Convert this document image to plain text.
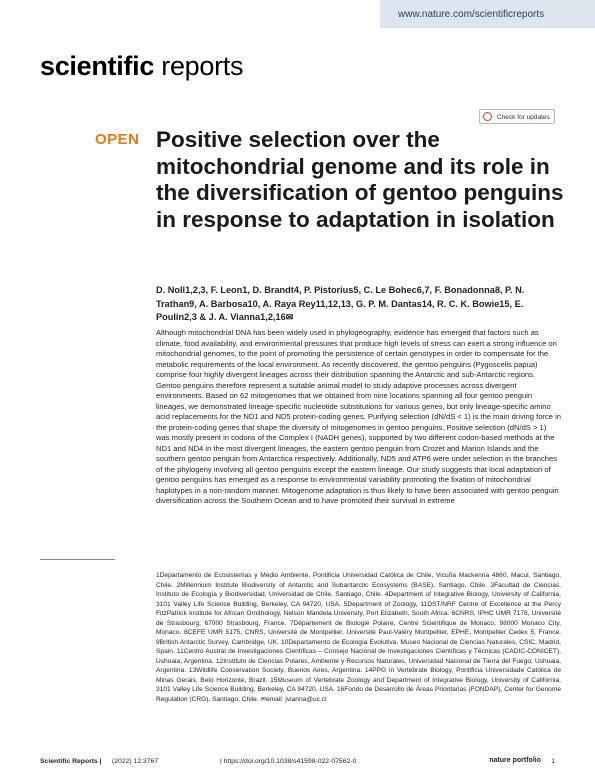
www.nature.com/scientificreports
scientific reports
Check for updates
OPEN Positive selection over the mitochondrial genome and its role in the diversification of gentoo penguins in response to adaptation in isolation
D. Noll1,2,3, F. Leon1, D. Brandt4, P. Pistorius5, C. Le Bohec6,7, F. Bonadonna8, P. N. Trathan9, A. Barbosa10, A. Raya Rey11,12,13, G. P. M. Dantas14, R. C. K. Bowie15, E. Poulin2,3 & J. A. Vianna1,2,16✉

Although mitochondrial DNA has been widely used in phylogeography, evidence has emerged that factors such as climate, food availability, and environmental pressures that produce high levels of stress can exert a strong influence on mitochondrial genomes, to the point of promoting the persistence of certain genotypes in order to compensate for the metabolic requirements of the local environment. As recently discovered, the gentoo penguins (Pygoscelis papua) comprise four highly divergent lineages across their distribution spanning the Antarctic and sub-Antarctic regions. Gentoo penguins therefore represent a suitable animal model to study adaptive processes across divergent environments. Based on 62 mitogenomes that we obtained from nine locations spanning all four gentoo penguin lineages, we demonstrated lineage-specific nucleotide substitutions for various genes, but only lineage-specific amino acid replacements for the ND1 and ND5 protein-coding genes. Purifying selection (dN/dS < 1) is the main driving force in the protein-coding genes that shape the diversity of mitogenomes in gentoo penguins. Positive selection (dN/dS > 1) was mostly present in codons of the Complex I (NADH genes), supported by two different codon-based methods at the ND1 and ND4 in the most divergent lineages, the eastern gentoo penguin from Crozet and Marion Islands and the southern gentoo penguin from Antarctica respectively. Additionally, ND5 and ATP6 were under selection in the branches of the phylogeny involving all gentoo penguins except the eastern lineage. Our study suggests that local adaptation of gentoo penguins has emerged as a response to environmental variability promoting the fixation of mitochondrial haplotypes in a non-random manner. Mitogenome adaptation is thus likely to have been associated with gentoo penguin diversification across the Southern Ocean and to have promoted their survival in extreme

1Departamento de Ecosistemas y Medio Ambiente, Pontificia Universidad Católica de Chile, Vicuña Mackenna 4860, Macul, Santiago, Chile. 2Millennium Institute Biodiversity of Antarctic and Subantarctic Ecosystems (BASE), Santiago, Chile. 3Facultad de Ciencias, Instituto de Ecología y Biodiversidad, Universidad de Chile, Santiago, Chile. 4Department of Integrative Biology, University of California, 3101 Valley Life Science Building, Berkeley, CA 94720, USA. 5Department of Zoology, 11DST/NRF Centre of Excellence at the Percy FitzPatrick Institute for African Ornithology, Nelson Mandela University, Port Elizabeth, South Africa. 6CNRS, IPHC UMR 7178, Université de Strasbourg, 67000 Strasbourg, France. 7Département de Biologie Polaire, Centre Scientifique de Monaco, 98000 Monaco City, Monaco. 8CEFE UMR 5175, CNRS, Université de Montpellier, Université Paul-Valéry Montpellier, EPHE, Montpellier Cedex 5, France. 9British Antarctic Survey, Cambridge, UK. 10Departamento de Ecología Evolutiva, Museo Nacional de Ciencias Naturales, CSIC, Madrid, Spain. 11Centro Austral de Investigaciones Científicas – Consejo Nacional de Investigaciones Científicas y Técnicas (CADIC-CONICET), Ushuaia, Argentina. 12Instituto de Ciencias Polares, Ambiente y Recursos Naturales, Universidad Nacional de Tierra del Fuego, Ushuaia, Argentina. 13Wildlife Conservation Society, Buenos Aires, Argentina. 14PPG in Vertebrate Biology, Pontificia Universidade Católica de Minas Gerais, Belo Horizonte, Brazil. 15Museum of Vertebrate Zoology and Department of Integrative Biology, University of California, 3101 Valley Life Science Building, Berkeley, CA 94720, USA. 16Fondo de Desarrollo de Áreas Prioritarias (FONDAP), Center for Genome Regulation (CRG), Santiago, Chile. ✉email: jvianna@uc.cl

Scientific Reports | (2022) 12:3767	| https://doi.org/10.1038/s41598-022-07562-0	nature portfolio 1
